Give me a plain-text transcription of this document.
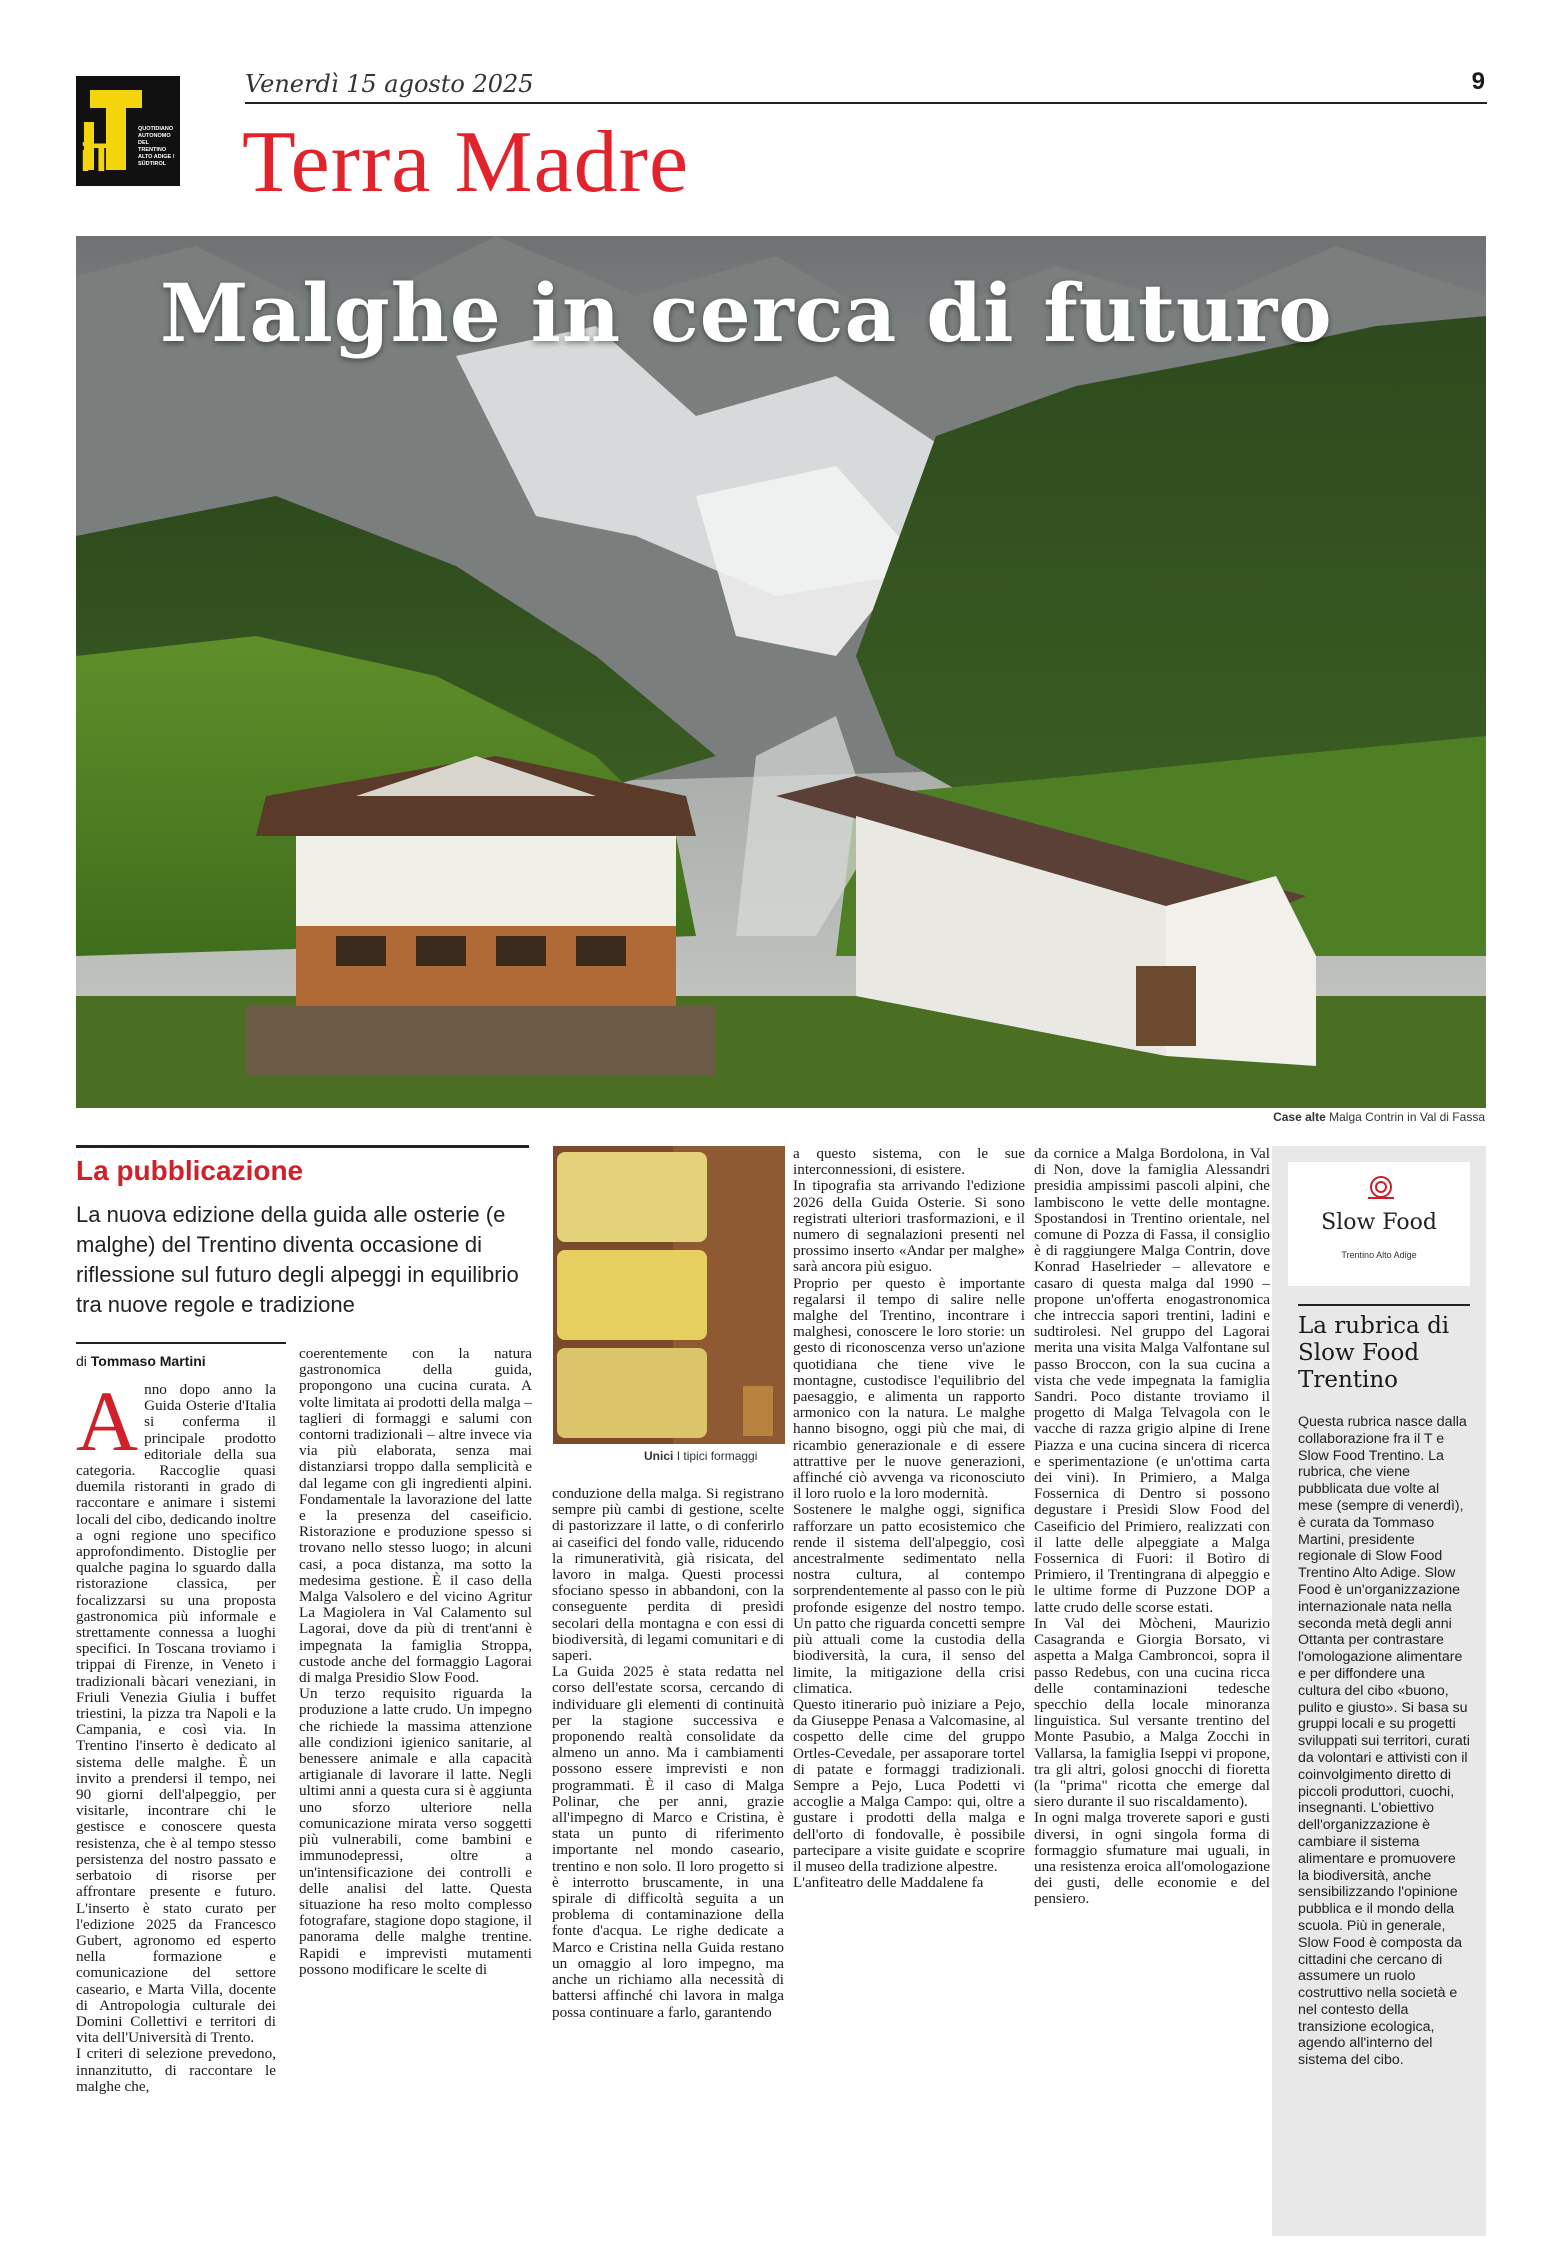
iT
QUOTIDIANO AUTONOMO DEL TRENTINO ALTO ADIGE / SÜDTIROL
Venerdì 15 agosto 2025	9
Terra Madre
Malghe in cerca di futuro
Case alte Malga Contrin in Val di Fassa
La pubblicazione
La nuova edizione della guida alle osterie (e malghe) del Trentino diventa occasione di riflessione sul futuro degli alpeggi in equilibrio tra nuove regole e tradizione
di Tommaso Martini
Anno dopo anno la Guida Osterie d'Italia si conferma il principale prodotto editoriale della sua categoria. Raccoglie quasi duemila ristoranti in grado di raccontare e animare i sistemi locali del cibo, dedicando inoltre a ogni regione uno specifico approfondimento. Distoglie per qualche pagina lo sguardo dalla ristorazione classica, per focalizzarsi su una proposta gastronomica più informale e strettamente connessa a luoghi specifici. In Toscana troviamo i trippai di Firenze, in Veneto i tradizionali bàcari veneziani, in Friuli Venezia Giulia i buffet triestini, la pizza tra Napoli e la Campania, e così via. In Trentino l'inserto è dedicato al sistema delle malghe. È un invito a prendersi il tempo, nei 90 giorni dell'alpeggio, per visitarle, incontrare chi le gestisce e conoscere questa resistenza, che è al tempo stesso persistenza del nostro passato e serbatoio di risorse per affrontare presente e futuro. L'inserto è stato curato per l'edizione 2025 da Francesco Gubert, agronomo ed esperto nella formazione e comunicazione del settore caseario, e Marta Villa, docente di Antropologia culturale dei Domini Collettivi e territori di vita dell'Università di Trento.
I criteri di selezione prevedono, innanzitutto, di raccontare le malghe che,
coerentemente con la natura gastronomica della guida, propongono una cucina curata. A volte limitata ai prodotti della malga – taglieri di formaggi e salumi con contorni tradizionali – altre invece via via più elaborata, senza mai distanziarsi troppo dalla semplicità e dal legame con gli ingredienti alpini. Fondamentale la lavorazione del latte e la presenza del caseificio. Ristorazione e produzione spesso si trovano nello stesso luogo; in alcuni casi, a poca distanza, ma sotto la medesima gestione. È il caso della Malga Valsolero e del vicino Agritur La Magiolera in Val Calamento sul Lagorai, dove da più di trent'anni è impegnata la famiglia Stroppa, custode anche del formaggio Lagorai di malga Presidio Slow Food.
Un terzo requisito riguarda la produzione a latte crudo. Un impegno che richiede la massima attenzione alle condizioni igienico sanitarie, al benessere animale e alla capacità artigianale di lavorare il latte. Negli ultimi anni a questa cura si è aggiunta uno sforzo ulteriore nella comunicazione mirata verso soggetti più vulnerabili, come bambini e immunodepressi, oltre a un'intensificazione dei controlli e delle analisi del latte. Questa situazione ha reso molto complesso fotografare, stagione dopo stagione, il panorama delle malghe trentine. Rapidi e imprevisti mutamenti possono modificare le scelte di
Unici I tipici formaggi
conduzione della malga. Si registrano sempre più cambi di gestione, scelte di pastorizzare il latte, o di conferirlo ai caseifici del fondo valle, riducendo la rimuneratività, già risicata, del lavoro in malga. Questi processi sfociano spesso in abbandoni, con la conseguente perdita di presìdi secolari della montagna e con essi di biodiversità, di legami comunitari e di saperi.
La Guida 2025 è stata redatta nel corso dell'estate scorsa, cercando di individuare gli elementi di continuità per la stagione successiva e proponendo realtà consolidate da almeno un anno. Ma i cambiamenti possono essere imprevisti e non programmati. È il caso di Malga Polinar, che per anni, grazie all'impegno di Marco e Cristina, è stata un punto di riferimento importante nel mondo caseario, trentino e non solo. Il loro progetto si è interrotto bruscamente, in una spirale di difficoltà seguita a un problema di contaminazione della fonte d'acqua. Le righe dedicate a Marco e Cristina nella Guida restano un omaggio al loro impegno, ma anche un richiamo alla necessità di battersi affinché chi lavora in malga possa continuare a farlo, garantendo
a questo sistema, con le sue interconnessioni, di esistere.
In tipografia sta arrivando l'edizione 2026 della Guida Osterie. Si sono registrati ulteriori trasformazioni, e il numero di segnalazioni presenti nel prossimo inserto «Andar per malghe» sarà ancora più esiguo.
Proprio per questo è importante regalarsi il tempo di salire nelle malghe del Trentino, incontrare i malghesi, conoscere le loro storie: un gesto di riconoscenza verso un'azione quotidiana che tiene vive le montagne, custodisce l'equilibrio del paesaggio, e alimenta un rapporto armonico con la natura. Le malghe hanno bisogno, oggi più che mai, di ricambio generazionale e di essere attrattive per le nuove generazioni, affinché ciò avvenga va riconosciuto il loro ruolo e la loro modernità.
Sostenere le malghe oggi, significa rafforzare un patto ecosistemico che rende il sistema dell'alpeggio, così ancestralmente sedimentato nella nostra cultura, al contempo sorprendentemente al passo con le più profonde esigenze del nostro tempo. Un patto che riguarda concetti sempre più attuali come la custodia della biodiversità, la cura, il senso del limite, la mitigazione della crisi climatica.
Questo itinerario può iniziare a Pejo, da Giuseppe Penasa a Valcomasine, al cospetto delle cime del gruppo Ortles-Cevedale, per assaporare tortel di patate e formaggi tradizionali. Sempre a Pejo, Luca Podetti vi accoglie a Malga Campo: qui, oltre a gustare i prodotti della malga e dell'orto di fondovalle, è possibile partecipare a visite guidate e scoprire il museo della tradizione alpestre.
L'anfiteatro delle Maddalene fa
da cornice a Malga Bordolona, in Val di Non, dove la famiglia Alessandri presidia ampissimi pascoli alpini, che lambiscono le vette delle montagne. Spostandosi in Trentino orientale, nel comune di Pozza di Fassa, il consiglio è di raggiungere Malga Contrin, dove Konrad Haselrieder – allevatore e casaro di questa malga dal 1990 – propone un'offerta enogastronomica che intreccia sapori trentini, ladini e sudtirolesi. Nel gruppo del Lagorai merita una visita Malga Valfontane sul passo Broccon, con la sua cucina a vista che vede impegnata la famiglia Sandri. Poco distante troviamo il progetto di Malga Telvagola con le vacche di razza grigio alpine di Irene Piazza e una cucina sincera di ricerca e sperimentazione (e un'ottima carta dei vini). In Primiero, a Malga Fossernica di Dentro si possono degustare i Presìdi Slow Food del Caseificio del Primiero, realizzati con il latte delle alpeggiate a Malga Fossernica di Fuori: il Botìro di Primiero, il Trentingrana di alpeggio e le ultime forme di Puzzone DOP a latte crudo delle scorse estati.
In Val dei Mòcheni, Maurizio Casagranda e Giorgia Borsato, vi aspetta a Malga Cambroncoi, sopra il passo Redebus, con una cucina ricca delle contaminazioni tedesche specchio della locale minoranza linguistica. Sul versante trentino del Monte Pasubio, a Malga Zocchi in Vallarsa, la famiglia Iseppi vi propone, tra gli altri, golosi gnocchi di fioretta (la "prima" ricotta che emerge dal siero durante il suo riscaldamento).
In ogni malga troverete sapori e gusti diversi, in ogni singola forma di formaggio sfumature mai uguali, in una resistenza eroica all'omologazione dei gusti, delle economie e del pensiero.
Slow Food
Trentino Alto Adige
La rubrica di Slow Food Trentino
Questa rubrica nasce dalla collaborazione fra il T e Slow Food Trentino. La rubrica, che viene pubblicata due volte al mese (sempre di venerdì), è curata da Tommaso Martini, presidente regionale di Slow Food Trentino Alto Adige. Slow Food è un'organizzazione internazionale nata nella seconda metà degli anni Ottanta per contrastare l'omologazione alimentare e per diffondere una cultura del cibo «buono, pulito e giusto». Si basa su gruppi locali e su progetti sviluppati sui territori, curati da volontari e attivisti con il coinvolgimento diretto di piccoli produttori, cuochi, insegnanti. L'obiettivo dell'organizzazione è cambiare il sistema alimentare e promuovere la biodiversità, anche sensibilizzando l'opinione pubblica e il mondo della scuola. Più in generale, Slow Food è composta da cittadini che cercano di assumere un ruolo costruttivo nella società e nel contesto della transizione ecologica, agendo all'interno del sistema del cibo.
